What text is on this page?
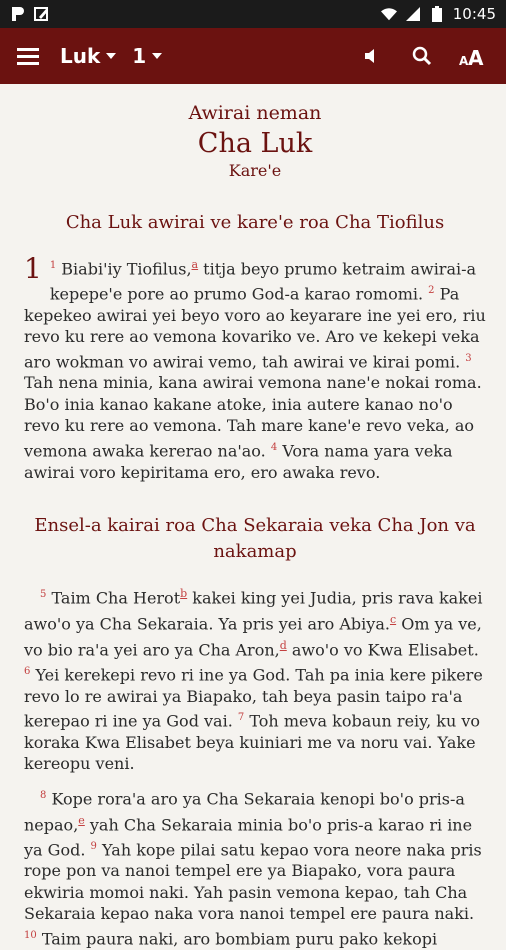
10:45
Luk 1	A A
Awirai neman
Cha Luk
Kare'e
Cha Luk awirai ve kare'e roa Cha Tiofilus

1 $^1$ Biabi'iy Tiofilus,$^a$ titja beyo prumo ketraim awirai-a kepepe'e pore ao prumo God-a karao romomi. $^2$ Pa kepekeo awirai yei beyo voro ao keyarare ine yei ero, riu revo ku rere ao vemona kovariko ve. Aro ve kekepi veka aro wokman vo awirai vemo, tah awirai ve kirai pomi. $^3$ Tah nena minia, kana awirai vemona nane'e nokai roma. Bo'o inia kanao kakane atoke, inia autere kanao no'o revo ku rere ao vemona. Tah mare kane'e revo veka, ao vemona awaka kererao na'ao. $^4$ Vora nama yara veka awirai voro kepiritama ero, ero awaka revo.

Ensel-a kairai roa Cha Sekaraia veka Cha Jon va nakamap

$^5$ Taim Cha Herot$^b$ kakei king yei Judia, pris rava kakei awo'o ya Cha Sekaraia. Ya pris yei aro Abiya.$^c$ Om ya ve, vo bio ra'a yei aro ya Cha Aron,$^d$ awo'o vo Kwa Elisabet. $^6$ Yei kerekepi revo ri ine ya God. Tah pa inia kere pikere revo lo re awirai ya Biapako, tah beya pasin taipo ra'a kerepao ri ine ya God vai. $^7$ Toh meva kobaun reiy, ku vo koraka Kwa Elisabet beya kuiniari me va noru vai. Yake kereopu veni.

$^8$ Kope rora'a aro ya Cha Sekaraia kenopi bo'o pris-a nepao,$^e$ yah Cha Sekaraia minia bo'o pris-a karao ri ine ya God. $^9$ Yah kope pilai satu kepao vora neore naka pris rope pon va nanoi tempel ere ya Biapako, vora paura ekwiria momoi naki. Yah pasin vemona kepao, tah Cha Sekaraia kepao naka vora nanoi tempel ere paura naki. $^{10}$ Taim paura naki, aro bombiam puru pako kekopi
